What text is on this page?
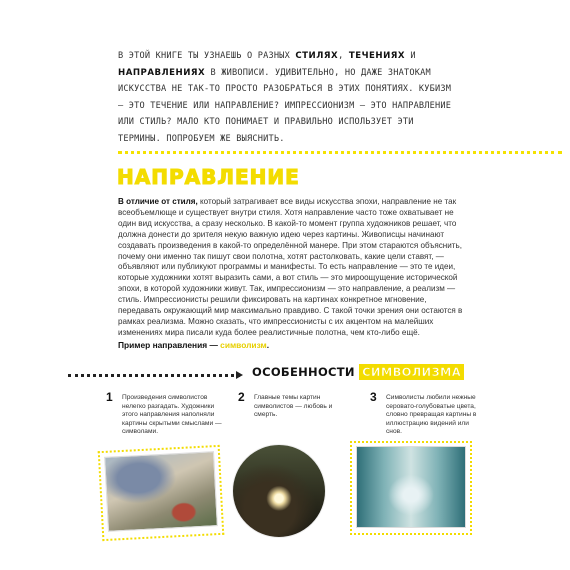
В ЭТОЙ КНИГЕ ТЫ УЗНАЕШЬ О РАЗНЫХ СТИЛЯХ, ТЕЧЕНИЯХ И НАПРАВЛЕНИЯХ В ЖИВОПИСИ. УДИВИТЕЛЬНО, НО ДАЖЕ ЗНАТОКАМ ИСКУССТВА НЕ ТАК-ТО ПРОСТО РАЗОБРАТЬСЯ В ЭТИХ ПОНЯТИЯХ. КУБИЗМ — ЭТО ТЕЧЕНИЕ ИЛИ НАПРАВЛЕНИЕ? ИМПРЕССИОНИЗМ — ЭТО НАПРАВЛЕНИЕ ИЛИ СТИЛЬ? МАЛО КТО ПОНИМАЕТ И ПРАВИЛЬНО ИСПОЛЬЗУЕТ ЭТИ ТЕРМИНЫ. ПОПРОБУЕМ ЖЕ ВЫЯСНИТЬ.
НАПРАВЛЕНИЕ
В отличие от стиля, который затрагивает все виды искусства эпохи, направление не так всеобъемлюще и существует внутри стиля. Хотя направление часто тоже охватывает не один вид искусства, а сразу несколько. В какой-то момент группа художников решает, что должна донести до зрителя некую важную идею через картины. Живописцы начинают создавать произведения в какой-то определённой манере. При этом стараются объяснить, почему они именно так пишут свои полотна, хотят растолковать, какие цели ставят, — объявляют или публикуют программы и манифесты. То есть направление — это те идеи, которые художники хотят выразить сами, а вот стиль — это мироощущение исторической эпохи, в которой художники живут. Так, импрессионизм — это направление, а реализм — стиль. Импрессионисты решили фиксировать на картинах конкретное мгновение, передавать окружающий мир максимально правдиво. С такой точки зрения они остаются в рамках реализма. Можно сказать, что импрессионисты с их акцентом на малейших изменениях мира писали куда более реалистичные полотна, чем кто-либо ещё.
Пример направления — символизм.
ОСОБЕННОСТИ СИМВОЛИЗМА
1 Произведения символистов нелегко разгадать. Художники этого направления наполняли картины скрытыми смыслами — символами.
2 Главные темы картин символистов — любовь и смерть.
3 Символисты любили нежные серовато-голубоватые цвета, словно превращая картины в иллюстрацию видений или снов.
